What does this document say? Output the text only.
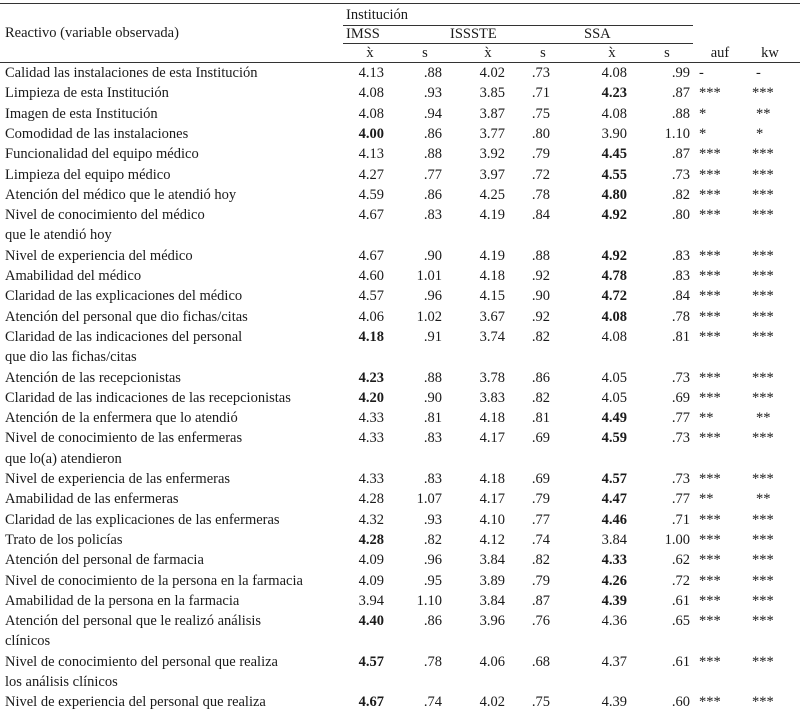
Institución
Reactivo (variable observada)	IMSS	ISSSTE	SSA
x̀	s	x̀	s	x̀	s	auf	kw
Calidad las instalaciones de esta Institución	4.13	.88	4.02 .73	4.08	.99 -	-
Limpieza de esta Institución	4.08	.93	3.85 .71	4.23	.87 *** ***
Imagen de esta Institución	4.08	.94	3.87 .75	4.08	.88 *	**
Comodidad de las instalaciones	4.00	.86	3.77 .80	3.90	1.10 *	*
Funcionalidad del equipo médico	4.13	.88	3.92 .79	4.45	.87 *** ***
Limpieza del equipo médico	4.27	.77	3.97 .72	4.55	.73 *** ***
Atención del médico que le atendió hoy	4.59	.86	4.25 .78	4.80	.82 *** ***
Nivel de conocimiento del médico	4.67	.83	4.19 .84	4.92	.80 *** ***
que le atendió hoy
Nivel de experiencia del médico	4.67	.90	4.19 .88	4.92	.83 *** ***
Amabilidad del médico	4.60 1.01	4.18 .92	4.78	.83 *** ***
Claridad de las explicaciones del médico	4.57	.96	4.15 .90	4.72	.84 *** ***
Atención del personal que dio fichas/citas	4.06 1.02	3.67 .92	4.08	.78 *** ***
Claridad de las indicaciones del personal	4.18	.91	3.74 .82	4.08	.81 *** ***
que dio las fichas/citas
Atención de las recepcionistas	4.23	.88	3.78 .86	4.05	.73 *** ***
Claridad de las indicaciones de las recepcionistas	4.20	.90	3.83 .82	4.05	.69 *** ***
Atención de la enfermera que lo atendió	4.33	.81	4.18 .81	4.49	.77 **	**
Nivel de conocimiento de las enfermeras	4.33	.83	4.17 .69	4.59	.73 *** ***
que lo(a) atendieron
Nivel de experiencia de las enfermeras	4.33	.83	4.18 .69	4.57	.73 *** ***
Amabilidad de las enfermeras	4.28 1.07	4.17 .79	4.47	.77 **	**
Claridad de las explicaciones de las enfermeras	4.32	.93	4.10 .77	4.46	.71 *** ***
Trato de los policías	4.28	.82	4.12 .74	3.84	1.00 *** ***
Atención del personal de farmacia	4.09	.96	3.84 .82	4.33	.62 *** ***
Nivel de conocimiento de la persona en la farmacia	4.09	.95	3.89 .79	4.26	.72 *** ***
Amabilidad de la persona en la farmacia	3.94 1.10	3.84 .87	4.39	.61 *** ***
Atención del personal que le realizó análisis	4.40	.86	3.96 .76	4.36	.65 *** ***
clínicos
Nivel de conocimiento del personal que realiza	4.57	.78	4.06 .68	4.37	.61 *** ***
los análisis clínicos
Nivel de experiencia del personal que realiza	4.67	.74	4.02 .75	4.39	.60 *** ***
